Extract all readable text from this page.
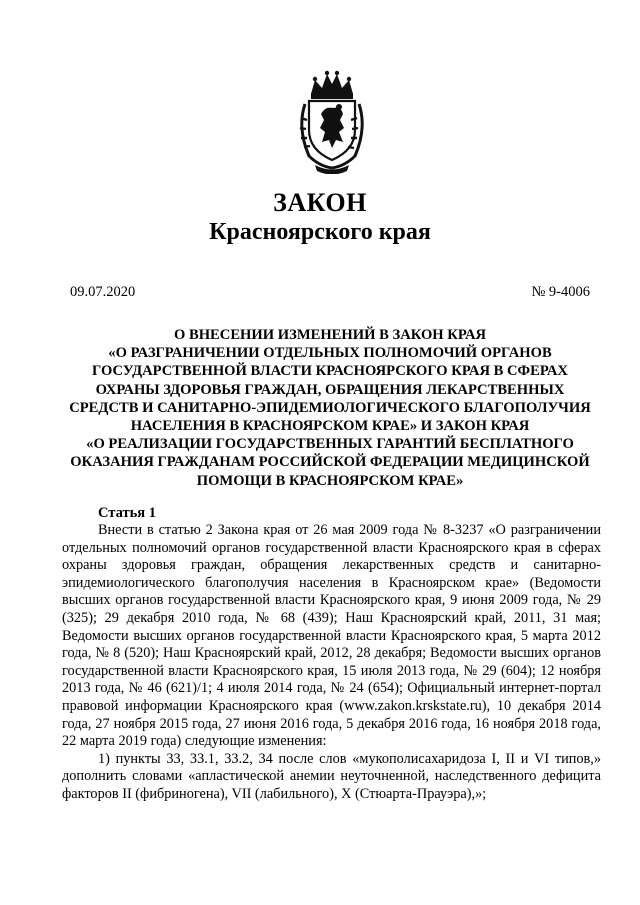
ЗАКОН
Красноярского края
09.07.2020	№ 9-4006
О ВНЕСЕНИИ ИЗМЕНЕНИЙ В ЗАКОН КРАЯ
«О РАЗГРАНИЧЕНИИ ОТДЕЛЬНЫХ ПОЛНОМОЧИЙ ОРГАНОВ
ГОСУДАРСТВЕННОЙ ВЛАСТИ КРАСНОЯРСКОГО КРАЯ В СФЕРАХ
ОХРАНЫ ЗДОРОВЬЯ ГРАЖДАН, ОБРАЩЕНИЯ ЛЕКАРСТВЕННЫХ
СРЕДСТВ И САНИТАРНО-ЭПИДЕМИОЛОГИЧЕСКОГО БЛАГОПОЛУЧИЯ
НАСЕЛЕНИЯ В КРАСНОЯРСКОМ КРАЕ» И ЗАКОН КРАЯ
«О РЕАЛИЗАЦИИ ГОСУДАРСТВЕННЫХ ГАРАНТИЙ БЕСПЛАТНОГО
ОКАЗАНИЯ ГРАЖДАНАМ РОССИЙСКОЙ ФЕДЕРАЦИИ МЕДИЦИНСКОЙ
ПОМОЩИ В КРАСНОЯРСКОМ КРАЕ»
Статья 1

Внести в статью 2 Закона края от 26 мая 2009 года № 8-3237 «О разграничении отдельных полномочий органов государственной власти Красноярского края в сферах охраны здоровья граждан, обращения лекарственных средств и санитарно-эпидемиологического благополучия населения в Красноярском крае» (Ведомости высших органов государственной власти Красноярского края, 9 июня 2009 года, № 29 (325); 29 декабря 2010 года, № 68 (439); Наш Красноярский край, 2011, 31 мая; Ведомости высших органов государственной власти Красноярского края, 5 марта 2012 года, № 8 (520); Наш Красноярский край, 2012, 28 декабря; Ведомости высших органов государственной власти Красноярского края, 15 июля 2013 года, № 29 (604); 12 ноября 2013 года, № 46 (621)/1; 4 июля 2014 года, № 24 (654); Официальный интернет-портал правовой информации Красноярского края (www.zakon.krskstate.ru), 10 декабря 2014 года, 27 ноября 2015 года, 27 июня 2016 года, 5 декабря 2016 года, 16 ноября 2018 года, 22 марта 2019 года) следующие изменения:

1) пункты 33, 33.1, 33.2, 34 после слов «мукополисахаридоза I, II и VI типов,» дополнить словами «апластической анемии неуточненной, наследственного дефицита факторов II (фибриногена), VII (лабильного), X (Стюарта-Прауэра),»;
